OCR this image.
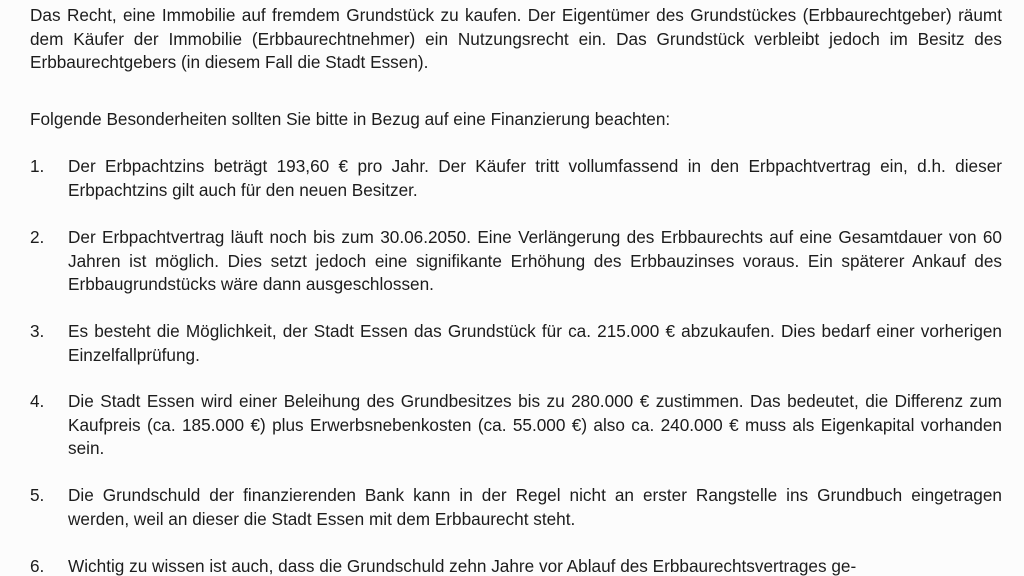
Das Recht, eine Immobilie auf fremdem Grundstück zu kaufen. Der Eigentümer des Grundstückes (Erbbaurechtgeber) räumt dem Käufer der Immobilie (Erbbaurechtnehmer) ein Nutzungsrecht ein. Das Grundstück verbleibt jedoch im Besitz des Erbbaurechtgebers (in diesem Fall die Stadt Essen).

Folgende Besonderheiten sollten Sie bitte in Bezug auf eine Finanzierung beachten:

1.	Der Erbpachtzins beträgt 193,60 € pro Jahr. Der Käufer tritt vollumfassend in den Erbpachtvertrag ein, d.h. dieser Erbpachtzins gilt auch für den neuen Besitzer.
2.	Der Erbpachtvertrag läuft noch bis zum 30.06.2050. Eine Verlängerung des Erbbaurechts auf eine Gesamtdauer von 60 Jahren ist möglich. Dies setzt jedoch eine signifikante Erhöhung des Erbbauzinses voraus. Ein späterer Ankauf des Erbbaugrundstücks wäre dann ausgeschlossen.
3.	Es besteht die Möglichkeit, der Stadt Essen das Grundstück für ca. 215.000 € abzukaufen. Dies bedarf einer vorherigen Einzelfallprüfung.
4.	Die Stadt Essen wird einer Beleihung des Grundbesitzes bis zu 280.000 € zustimmen. Das bedeutet, die Differenz zum Kaufpreis (ca. 185.000 €) plus Erwerbsnebenkosten (ca. 55.000 €) also ca. 240.000 € muss als Eigenkapital vorhanden sein.
5.	Die Grundschuld der finanzierenden Bank kann in der Regel nicht an erster Rangstelle ins Grundbuch eingetragen werden, weil an dieser die Stadt Essen mit dem Erbbaurecht steht.
6.	Wichtig zu wissen ist auch, dass die Grundschuld zehn Jahre vor Ablauf des Erbbaurechtsvertrages ge-
